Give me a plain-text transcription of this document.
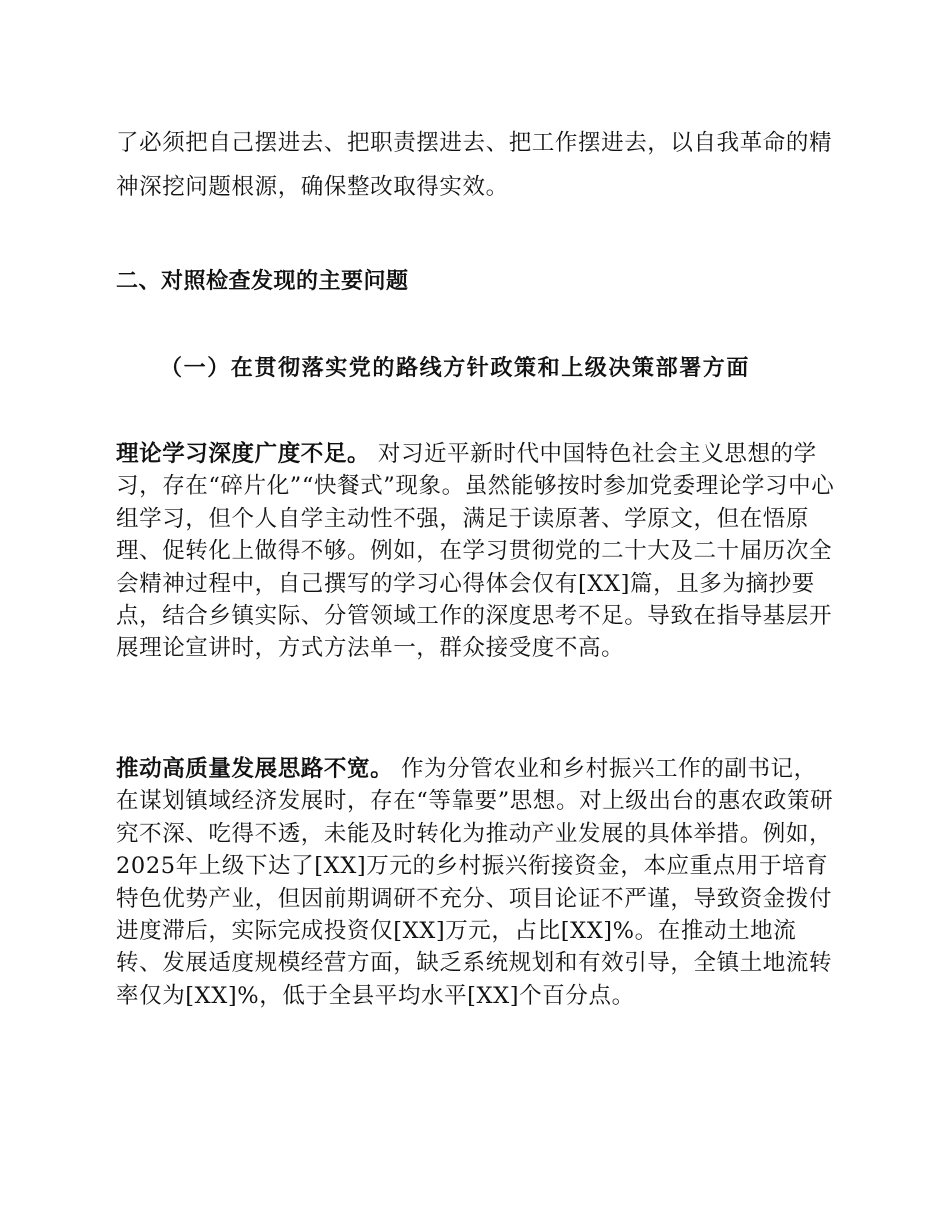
了必须把自己摆进去、把职责摆进去、把工作摆进去，以自我革命的精神深挖问题根源，确保整改取得实效。

二、对照检查发现的主要问题
（一）在贯彻落实党的路线方针政策和上级决策部署方面

理论学习深度广度不足。 对习近平新时代中国特色社会主义思想的学习，存在“碎片化”“快餐式”现象。虽然能够按时参加党委理论学习中心组学习，但个人自学主动性不强，满足于读原著、学原文，但在悟原理、促转化上做得不够。例如，在学习贯彻党的二十大及二十届历次全会精神过程中，自己撰写的学习心得体会仅有[XX]篇，且多为摘抄要点，结合乡镇实际、分管领域工作的深度思考不足。导致在指导基层开展理论宣讲时，方式方法单一，群众接受度不高。

推动高质量发展思路不宽。 作为分管农业和乡村振兴工作的副书记，在谋划镇域经济发展时，存在“等靠要”思想。对上级出台的惠农政策研究不深、吃得不透，未能及时转化为推动产业发展的具体举措。例如，2025年上级下达了[XX]万元的乡村振兴衔接资金，本应重点用于培育特色优势产业，但因前期调研不充分、项目论证不严谨，导致资金拨付进度滞后，实际完成投资仅[XX]万元，占比[XX]%。在推动土地流转、发展适度规模经营方面，缺乏系统规划和有效引导，全镇土地流转率仅为[XX]%，低于全县平均水平[XX]个百分点。
